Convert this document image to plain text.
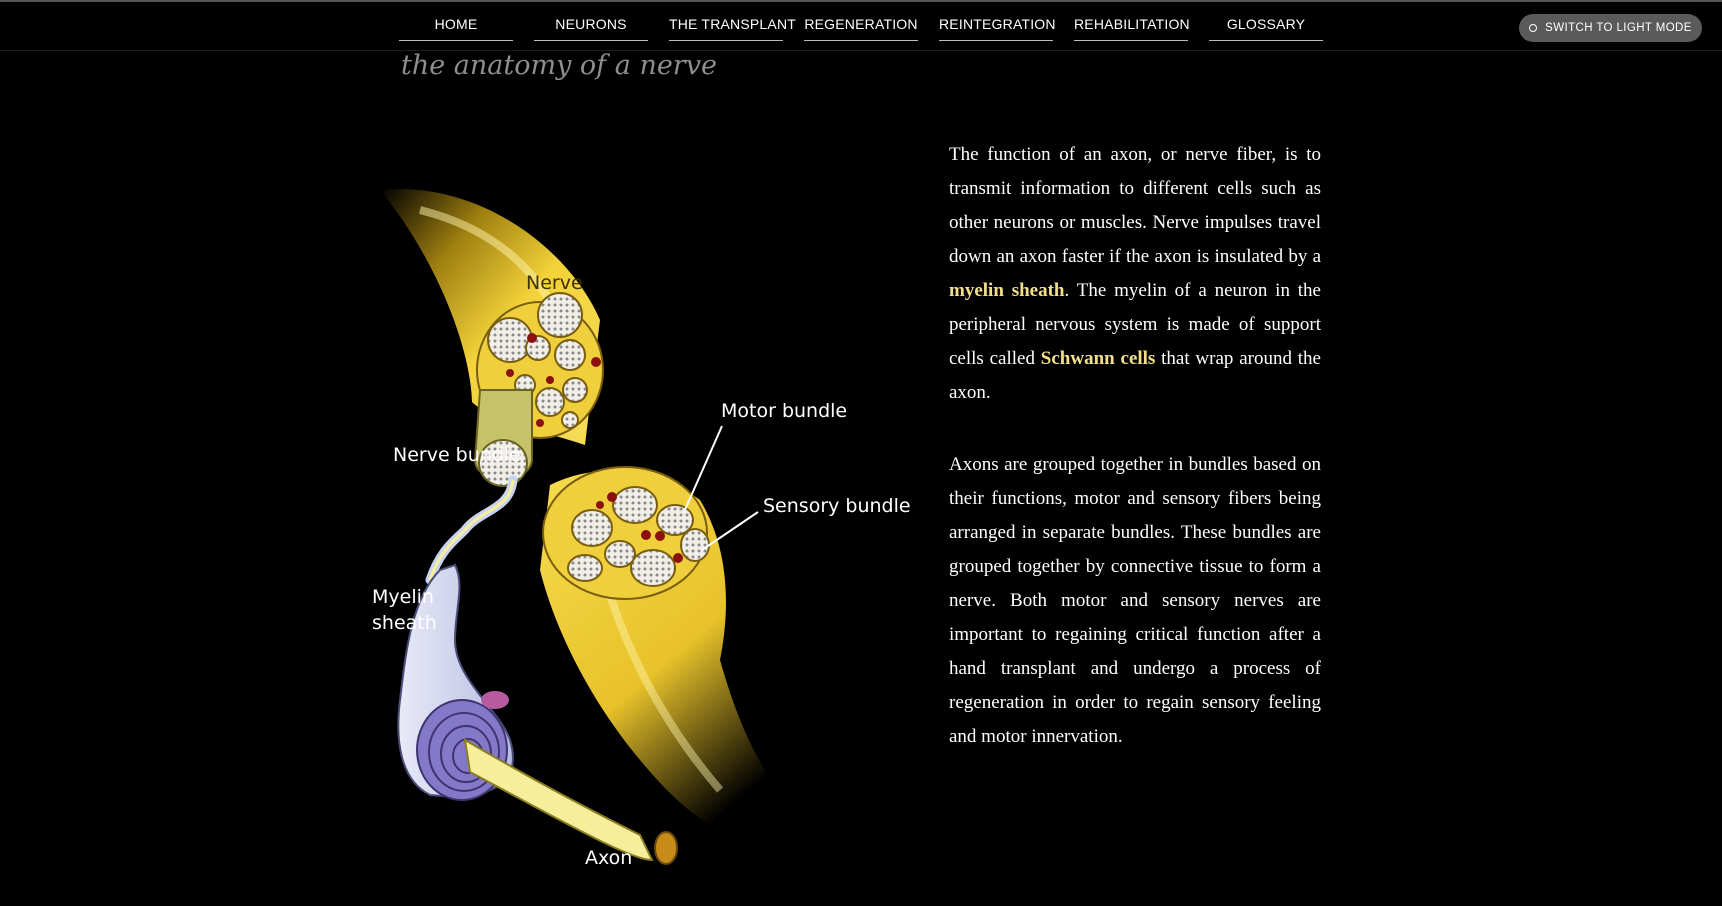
HOME	NEURONS	THE TRANSPLANT REGENERATION REINTEGRATION REHABILITATION	GLOSSARY	SWITCH TO LIGHT MODE
the anatomy of a nerve
Nerve
Nerve bundle
Motor bundle
Sensory bundle
Myelin
sheath
Axon

The function of an axon, or nerve fiber, is to transmit information to different cells such as other neurons or muscles. Nerve impulses travel down an axon faster if the axon is insulated by a myelin sheath. The myelin of a neuron in the peripheral nervous system is made of support cells called Schwann cells that wrap around the axon.

Axons are grouped together in bundles based on their functions, motor and sensory fibers being arranged in separate bundles. These bundles are grouped together by connective tissue to form a nerve. Both motor and sensory nerves are important to regaining critical function after a hand transplant and undergo a process of regeneration in order to regain sensory feeling and motor innervation.
